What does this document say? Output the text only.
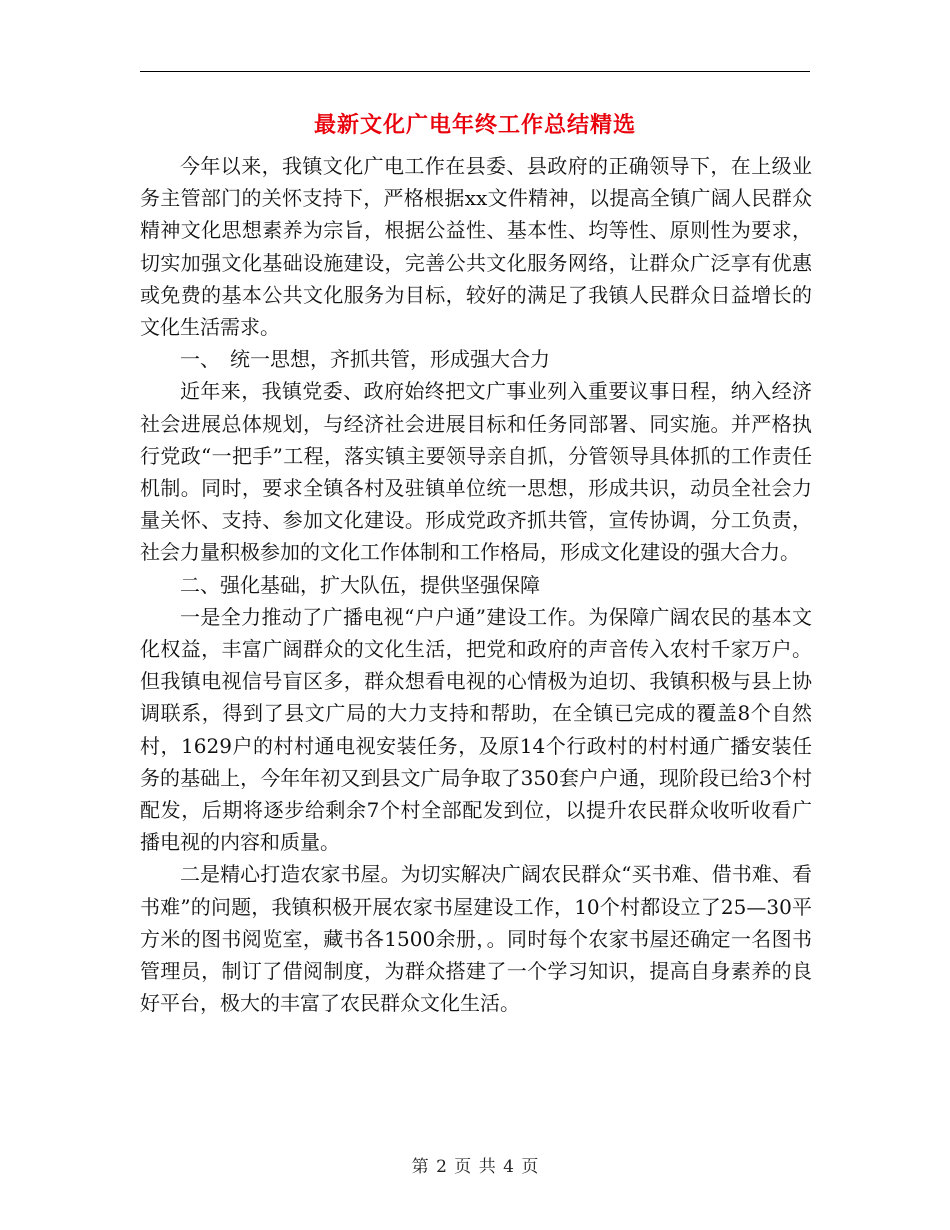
最新文化广电年终工作总结精选

今年以来，我镇文化广电工作在县委、县政府的正确领导下，在上级业务主管部门的关怀支持下，严格根据xx文件精神，以提高全镇广阔人民群众精神文化思想素养为宗旨，根据公益性、基本性、均等性、原则性为要求，切实加强文化基础设施建设，完善公共文化服务网络，让群众广泛享有优惠或免费的基本公共文化服务为目标，较好的满足了我镇人民群众日益增长的文化生活需求。

一、　统一思想，齐抓共管，形成强大合力

近年来，我镇党委、政府始终把文广事业列入重要议事日程，纳入经济社会进展总体规划，与经济社会进展目标和任务同部署、同实施。并严格执行党政“一把手”工程，落实镇主要领导亲自抓，分管领导具体抓的工作责任机制。同时，要求全镇各村及驻镇单位统一思想，形成共识，动员全社会力量关怀、支持、参加文化建设。形成党政齐抓共管，宣传协调，分工负责，社会力量积极参加的文化工作体制和工作格局，形成文化建设的强大合力。

二、强化基础，扩大队伍，提供坚强保障

一是全力推动了广播电视“户户通”建设工作。为保障广阔农民的基本文化权益，丰富广阔群众的文化生活，把党和政府的声音传入农村千家万户。但我镇电视信号盲区多，群众想看电视的心情极为迫切、我镇积极与县上协调联系，得到了县文广局的大力支持和帮助，在全镇已完成的覆盖8个自然村，1629户的村村通电视安装任务，及原14个行政村的村村通广播安装任务的基础上，今年年初又到县文广局争取了350套户户通，现阶段已给3个村配发，后期将逐步给剩余7个村全部配发到位，以提升农民群众收听收看广播电视的内容和质量。

二是精心打造农家书屋。为切实解决广阔农民群众“买书难、借书难、看书难”的问题，我镇积极开展农家书屋建设工作，10个村都设立了25—30平方米的图书阅览室，藏书各1500余册，。同时每个农家书屋还确定一名图书管理员，制订了借阅制度，为群众搭建了一个学习知识，提高自身素养的良好平台，极大的丰富了农民群众文化生活。

第 2 页 共 4 页
